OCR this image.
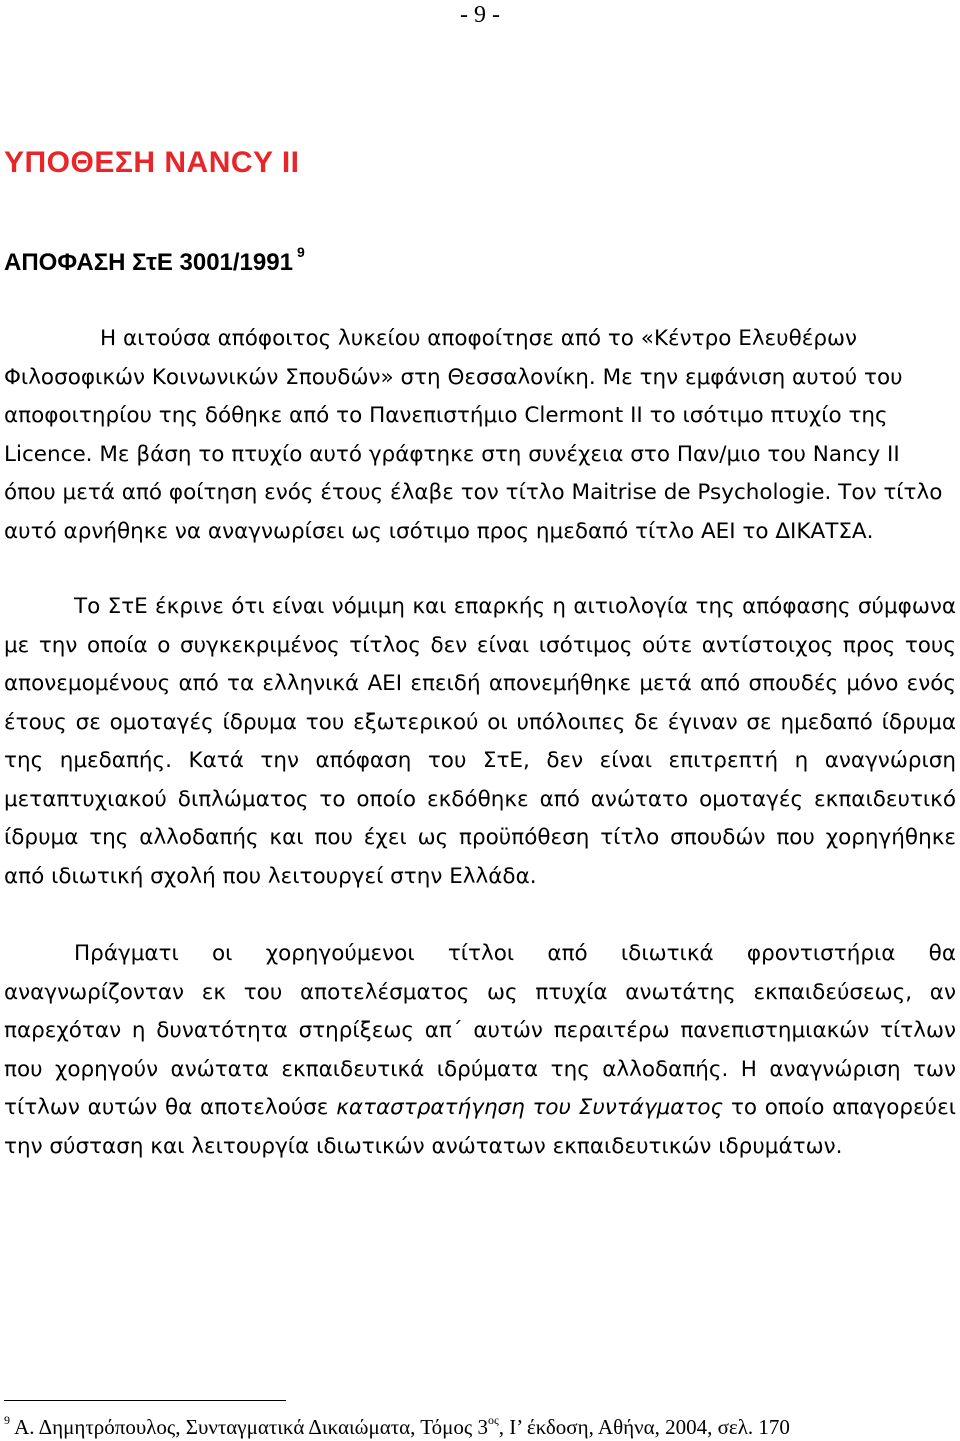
- 9 -
ΥΠΟΘΕΣΗ NANCY II
ΑΠΟΦΑΣΗ ΣτΕ 3001/1991 $^9$

Η αιτούσα απόφοιτος λυκείου αποφοίτησε από το «Κέντρο Ελευθέρων Φιλοσοφικών Κοινωνικών Σπουδών» στη Θεσσαλονίκη. Με την εμφάνιση αυτού του αποφοιτηρίου της δόθηκε από το Πανεπιστήμιο Clermont II το ισότιμο πτυχίο της Licence. Με βάση το πτυχίο αυτό γράφτηκε στη συνέχεια στο Παν/μιο του Nancy II όπου μετά από φοίτηση ενός έτους έλαβε τον τίτλο Maitrise de Psychologie. Τον τίτλο αυτό αρνήθηκε να αναγνωρίσει ως ισότιμο προς ημεδαπό τίτλο ΑΕΙ το ΔΙΚΑΤΣΑ.

Το ΣτΕ έκρινε ότι είναι νόμιμη και επαρκής η αιτιολογία της απόφασης σύμφωνα με την οποία ο συγκεκριμένος τίτλος δεν είναι ισότιμος ούτε αντίστοιχος προς τους απονεμομένους από τα ελληνικά ΑΕΙ επειδή απονεμήθηκε μετά από σπουδές μόνο ενός έτους σε ομοταγές ίδρυμα του εξωτερικού οι υπόλοιπες δε έγιναν σε ημεδαπό ίδρυμα της ημεδαπής. Κατά την απόφαση του ΣτΕ, δεν είναι επιτρεπτή η αναγνώριση μεταπτυχιακού διπλώματος το οποίο εκδόθηκε από ανώτατο ομοταγές εκπαιδευτικό ίδρυμα της αλλοδαπής και που έχει ως προϋπόθεση τίτλο σπουδών που χορηγήθηκε από ιδιωτική σχολή που λειτουργεί στην Ελλάδα.

Πράγματι οι χορηγούμενοι τίτλοι από ιδιωτικά φροντιστήρια θα αναγνωρίζονταν εκ του αποτελέσματος ως πτυχία ανωτάτης εκπαιδεύσεως, αν παρεχόταν η δυνατότητα στηρίξεως απ΄ αυτών περαιτέρω πανεπιστημιακών τίτλων που χορηγούν ανώτατα εκπαιδευτικά ιδρύματα της αλλοδαπής. Η αναγνώριση των τίτλων αυτών θα αποτελούσε καταστρατήγηση του Συντάγματος το οποίο απαγορεύει την σύσταση και λειτουργία ιδιωτικών ανώτατων εκπαιδευτικών ιδρυμάτων.

$^9$ Α. Δημητρόπουλος, Συνταγματικά Δικαιώματα, Τόμος $3^{o\varsigma}$, Ι’ έκδοση, Αθήνα, 2004, σελ. 170
